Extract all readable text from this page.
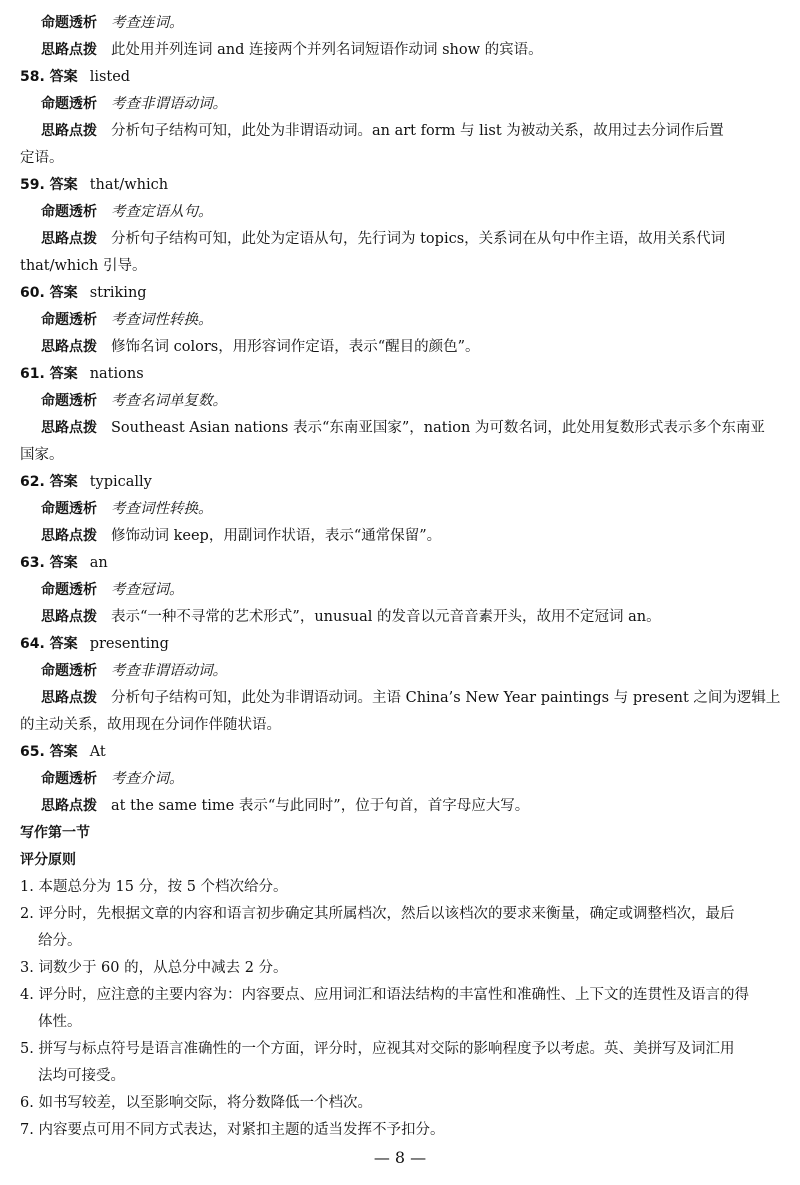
命题透析 考查连词。
思路点拨 此处用并列连词 and 连接两个并列名词短语作动词 show 的宾语。
58. 答案 listed
命题透析 考查非谓语动词。
思路点拨 分析句子结构可知，此处为非谓语动词。an art form 与 list 为被动关系，故用过去分词作后置
定语。
59. 答案 that/which
命题透析 考查定语从句。
思路点拨 分析句子结构可知，此处为定语从句，先行词为 topics，关系词在从句中作主语，故用关系代词
that/which 引导。
60. 答案 striking
命题透析 考查词性转换。
思路点拨 修饰名词 colors，用形容词作定语，表示“醒目的颜色”。
61. 答案 nations
命题透析 考查名词单复数。
思路点拨 Southeast Asian nations 表示“东南亚国家”，nation 为可数名词，此处用复数形式表示多个东南亚
国家。
62. 答案 typically
命题透析 考查词性转换。
思路点拨 修饰动词 keep，用副词作状语，表示“通常保留”。
63. 答案 an
命题透析 考查冠词。
思路点拨 表示“一种不寻常的艺术形式”，unusual 的发音以元音音素开头，故用不定冠词 an。
64. 答案 presenting
命题透析 考查非谓语动词。
思路点拨 分析句子结构可知，此处为非谓语动词。主语 China’s New Year paintings 与 present 之间为逻辑上
的主动关系，故用现在分词作伴随状语。
65. 答案 At
命题透析 考查介词。
思路点拨 at the same time 表示“与此同时”，位于句首，首字母应大写。
写作第一节
评分原则
1. 本题总分为 15 分，按 5 个档次给分。
2. 评分时，先根据文章的内容和语言初步确定其所属档次，然后以该档次的要求来衡量，确定或调整档次，最后
给分。
3. 词数少于 60 的，从总分中减去 2 分。
4. 评分时，应注意的主要内容为：内容要点、应用词汇和语法结构的丰富性和准确性、上下文的连贯性及语言的得
体性。
5. 拼写与标点符号是语言准确性的一个方面，评分时，应视其对交际的影响程度予以考虑。英、美拼写及词汇用
法均可接受。
6. 如书写较差，以至影响交际，将分数降低一个档次。
7. 内容要点可用不同方式表达，对紧扣主题的适当发挥不予扣分。
— 8 —
